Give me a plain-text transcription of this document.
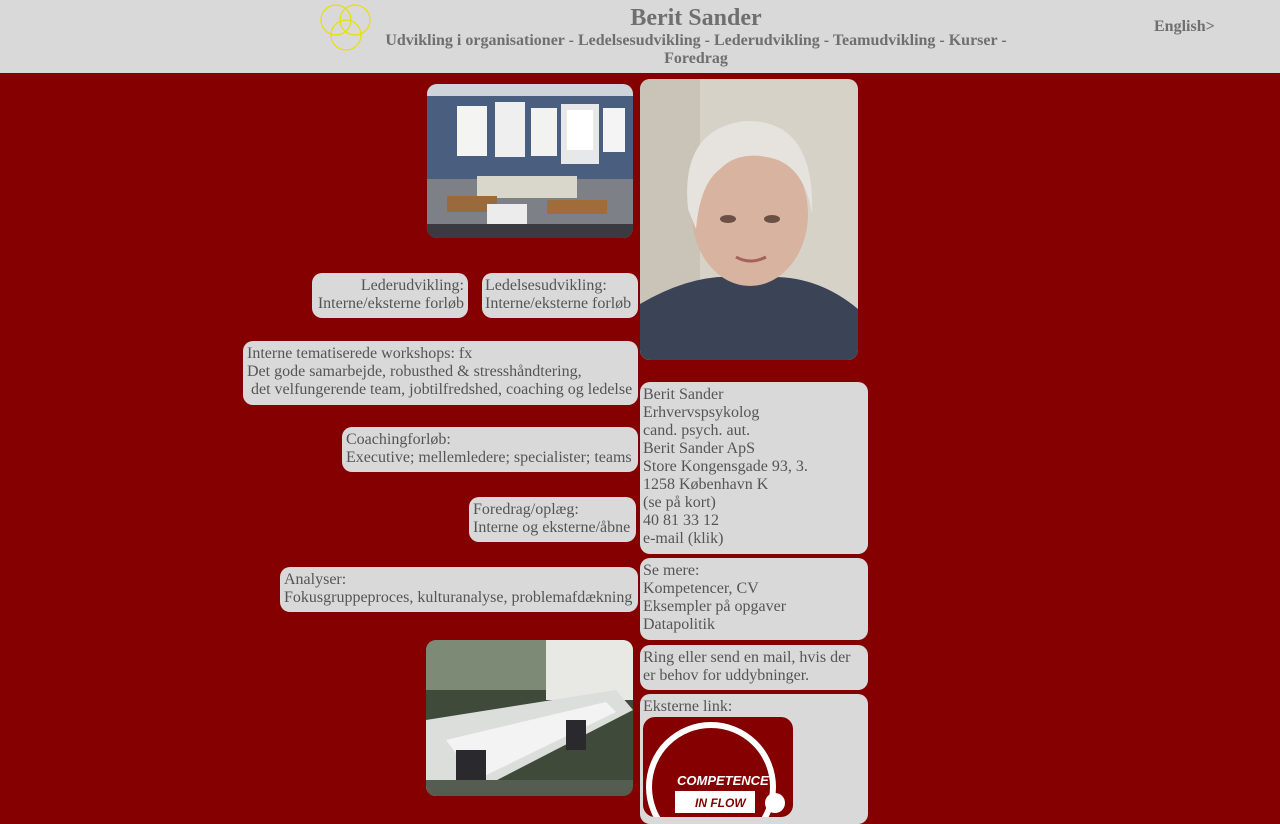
Berit Sander
Udvikling i organisationer - Ledelsesudvikling - Lederudvikling - Teamudvikling - Kurser -
Foredrag
English>
Lederudvikling:
Interne/eksterne forløb
Ledelsesudvikling:
Interne/eksterne forløb
Interne tematiserede workshops: fx
Det gode samarbejde, robusthed & stresshåndtering,
det velfungerende team, jobtilfredshed, coaching og ledelse
Coachingforløb:
Executive; mellemledere; specialister; teams
Foredrag/oplæg:
Interne og eksterne/åbne
Analyser:
Fokusgruppeproces, kulturanalyse, problemafdækning
Berit Sander
Erhvervspsykolog
cand. psych. aut.
Berit Sander ApS
Store Kongensgade 93, 3.
1258 København K
(se på kort)
40 81 33 12
e-mail (klik)
Se mere:
Kompetencer, CV
Eksempler på opgaver
Datapolitik
Ring eller send en mail, hvis der
er behov for uddybninger.
Eksterne link:
COMPETENCE
IN FLOW
